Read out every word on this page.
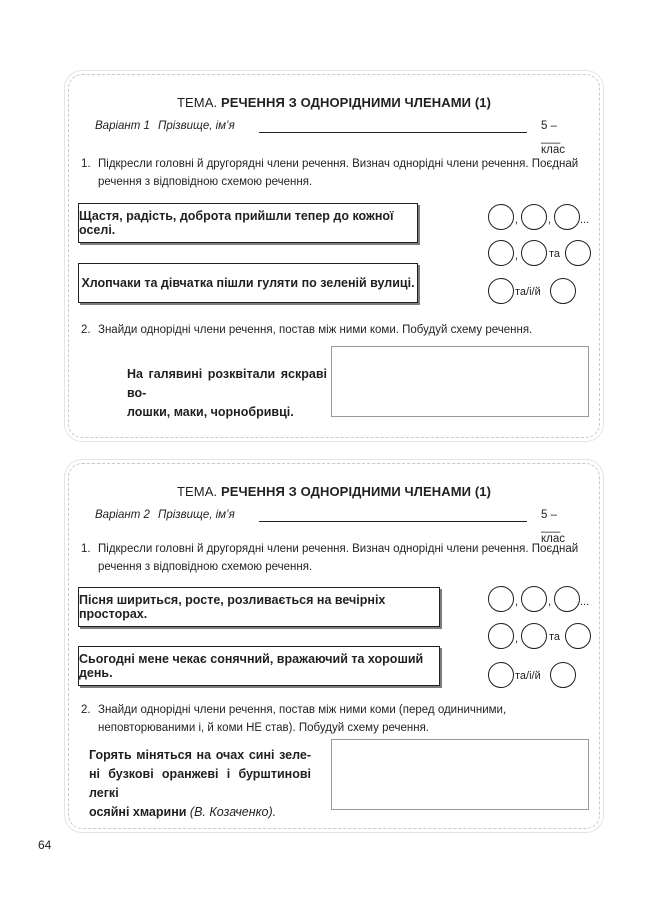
ТЕМА. РЕЧЕННЯ З ОДНОРІДНИМИ ЧЛЕНАМИ (1)
Варіант 1 Прізвище, ім’я	5 – ___ клас
1. Підкресли головні й другорядні члени речення. Визнач однорідні члени речення. Поєднай речення з відповідною схемою речення.
Щастя, радість, доброта прийшли тепер до кожної оселі.
Хлопчаки та дівчатка пішли гуляти по зеленій вулиці.
,	,	...
,	та
та/і/й
2. Знайди однорідні члени речення, постав між ними коми. Побудуй схему речення.
На галявині розквітали яскраві во-
лошки, маки, чорнобривці.
ТЕМА. РЕЧЕННЯ З ОДНОРІДНИМИ ЧЛЕНАМИ (1)
Варіант 2 Прізвище, ім’я	5 – ___ клас
1. Підкресли головні й другорядні члени речення. Визнач однорідні члени речення. Поєднай речення з відповідною схемою речення.
Пісня шириться, росте, розливається на вечірніх просторах.
Сьогодні мене чекає сонячний, вражаючий та хороший день.
,	,	...
,	та
та/і/й
2. Знайди однорідні члени речення, постав між ними коми (перед одиничними, неповторюваними і, й коми НЕ став). Побудуй схему речення.
Горять міняться на очах сині зеле-
ні бузкові оранжеві і бурштинові легкі
осяйні хмарини (В. Козаченко).
64
